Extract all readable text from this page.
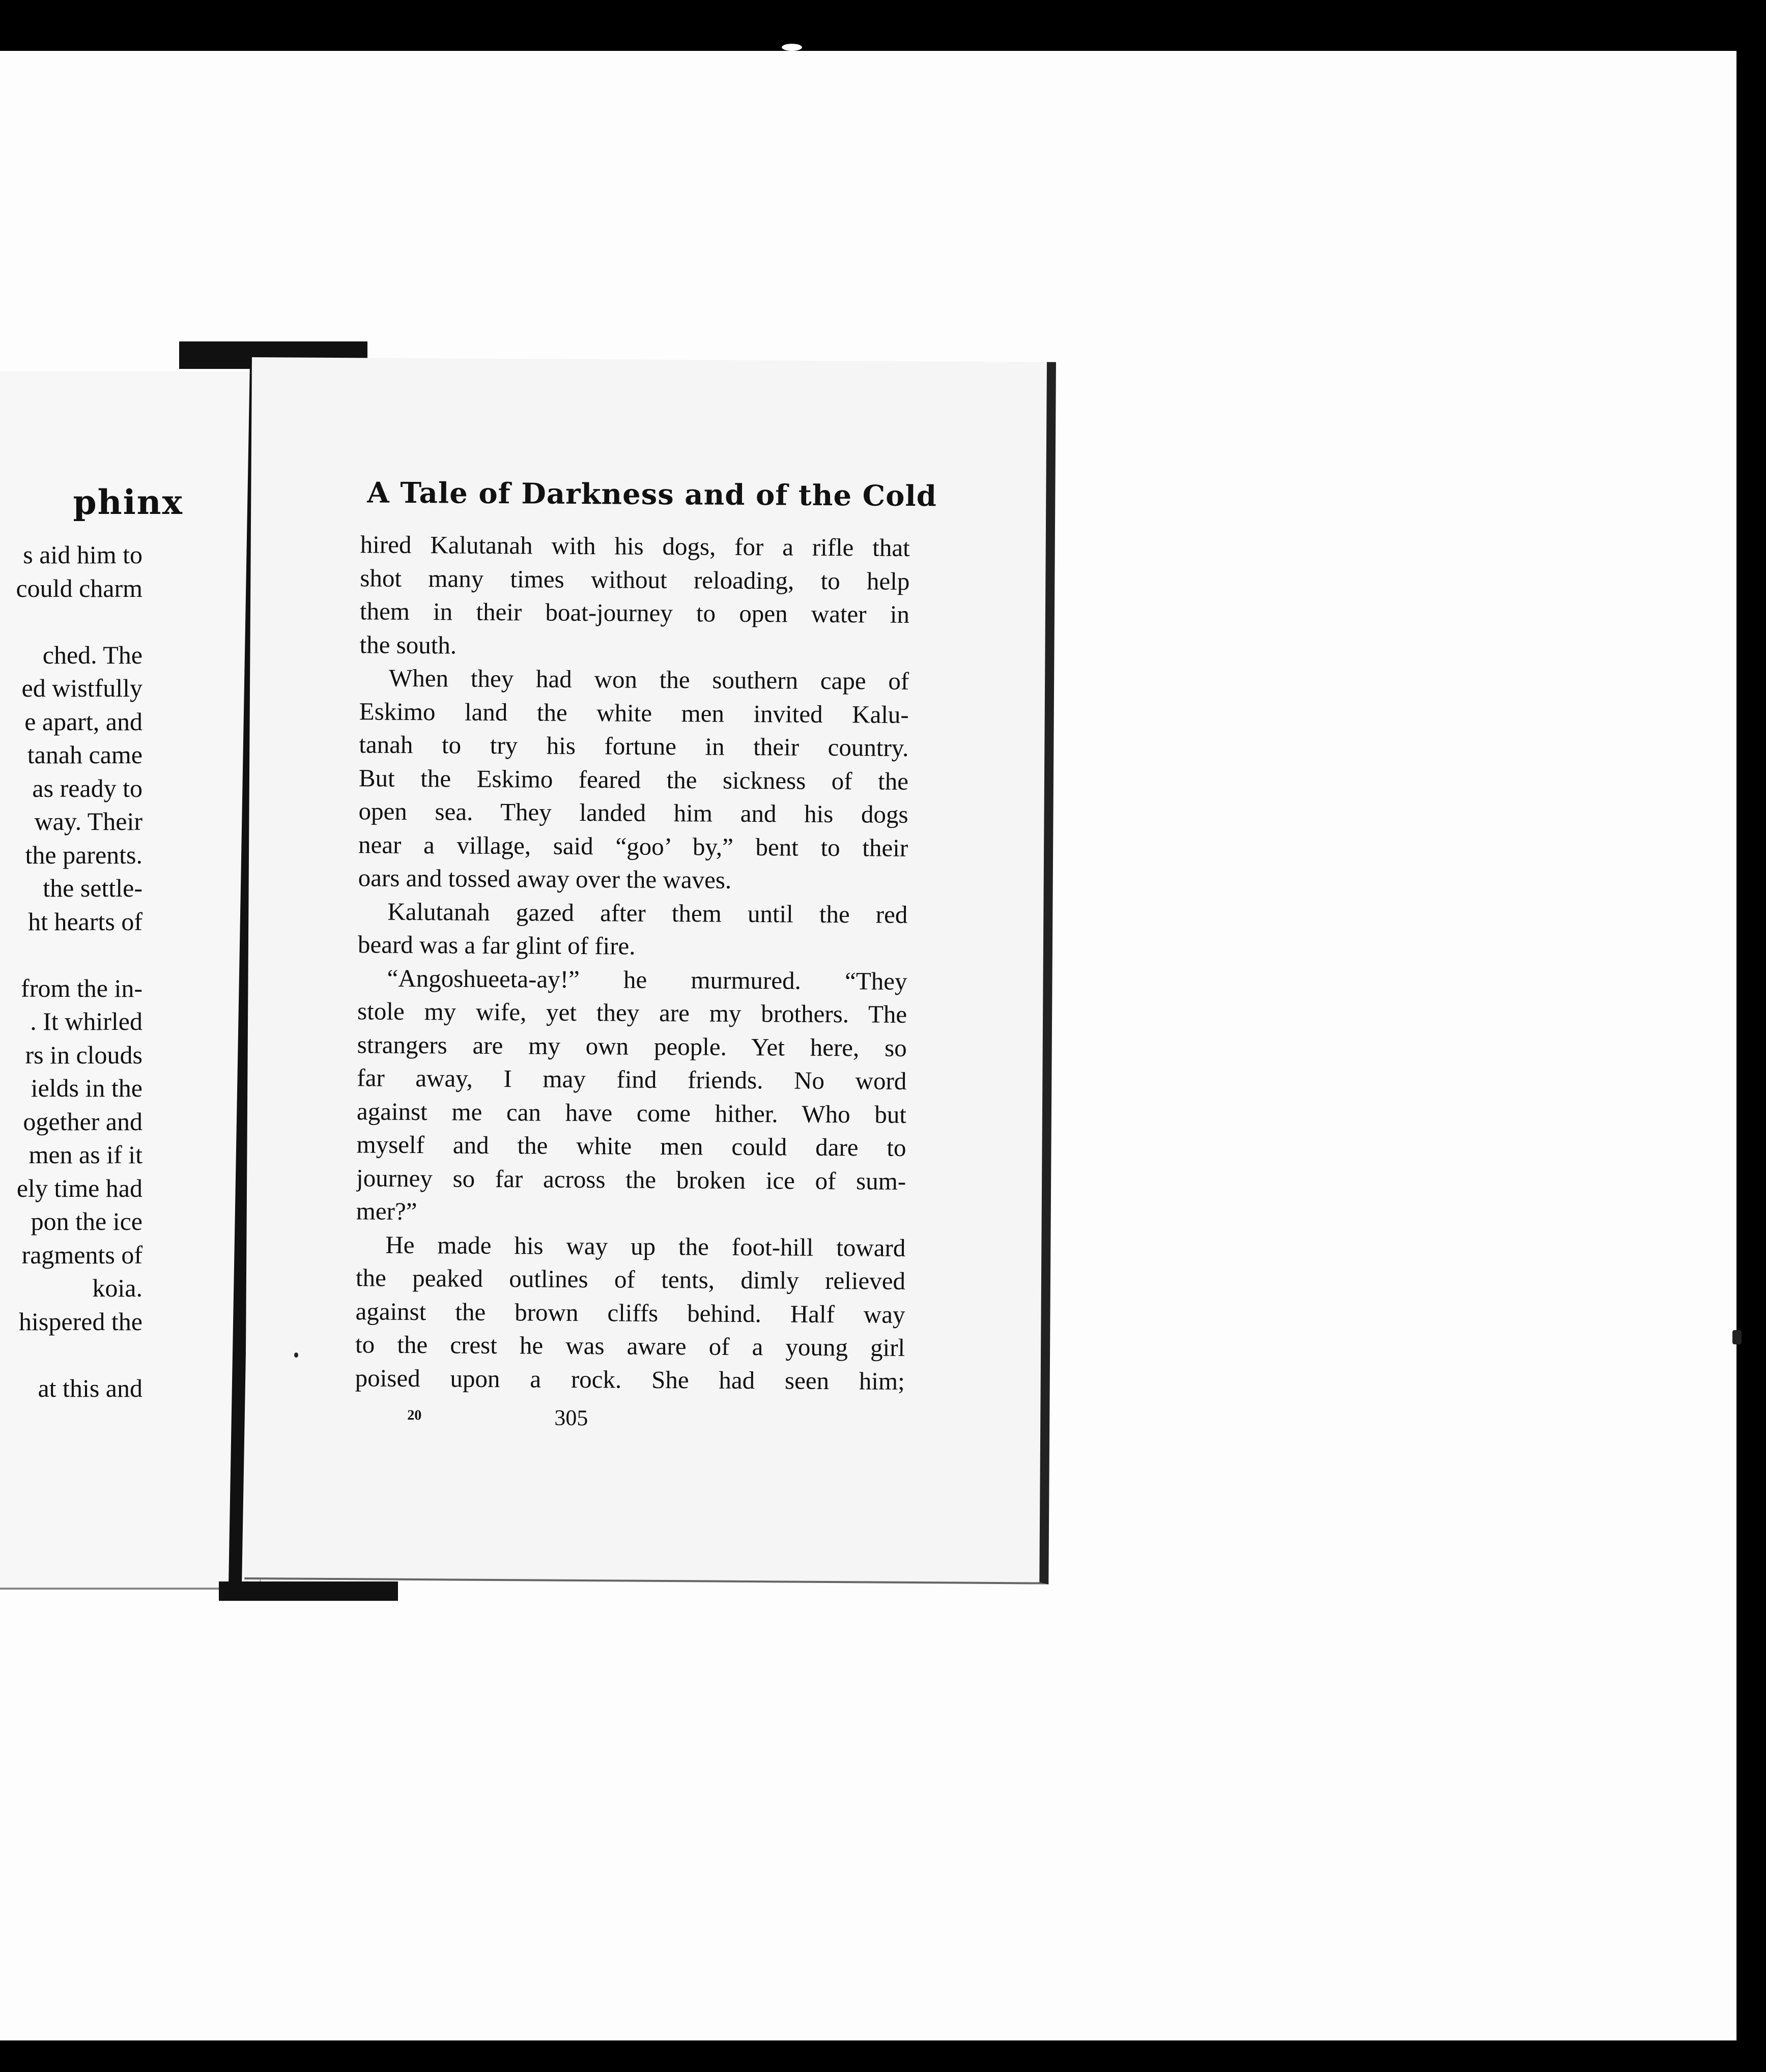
phinx
s aid him to
could charm
ched. The
ed wistfully
e apart, and
tanah came
as ready to
way. Their
the parents.
the settle-
ht hearts of
from the in-
. It whirled
rs in clouds
ields in the
ogether and
men as if it
ely time had
pon the ice
ragments of
koia.
hispered the
at this and
A Tale of Darkness and of the Cold
hired Kalutanah with his dogs, for a rifle that
shot many times without reloading, to help
them in their boat-journey to open water in
the south.
When they had won the southern cape of
Eskimo land the white men invited Kalu-
tanah to try his fortune in their country.
But the Eskimo feared the sickness of the
open sea. They landed him and his dogs
near a village, said “goo’ by,” bent to their
oars and tossed away over the waves.
Kalutanah gazed after them until the red
beard was a far glint of fire.
“Angoshueeta-ay!” he murmured. “They
stole my wife, yet they are my brothers. The
strangers are my own people. Yet here, so
far away, I may find friends. No word
against me can have come hither. Who but
myself and the white men could dare to
journey so far across the broken ice of sum-
mer?”
He made his way up the foot-hill toward
the peaked outlines of tents, dimly relieved
against the brown cliffs behind. Half way
to the crest he was aware of a young girl
poised upon a rock. She had seen him;
20	305
